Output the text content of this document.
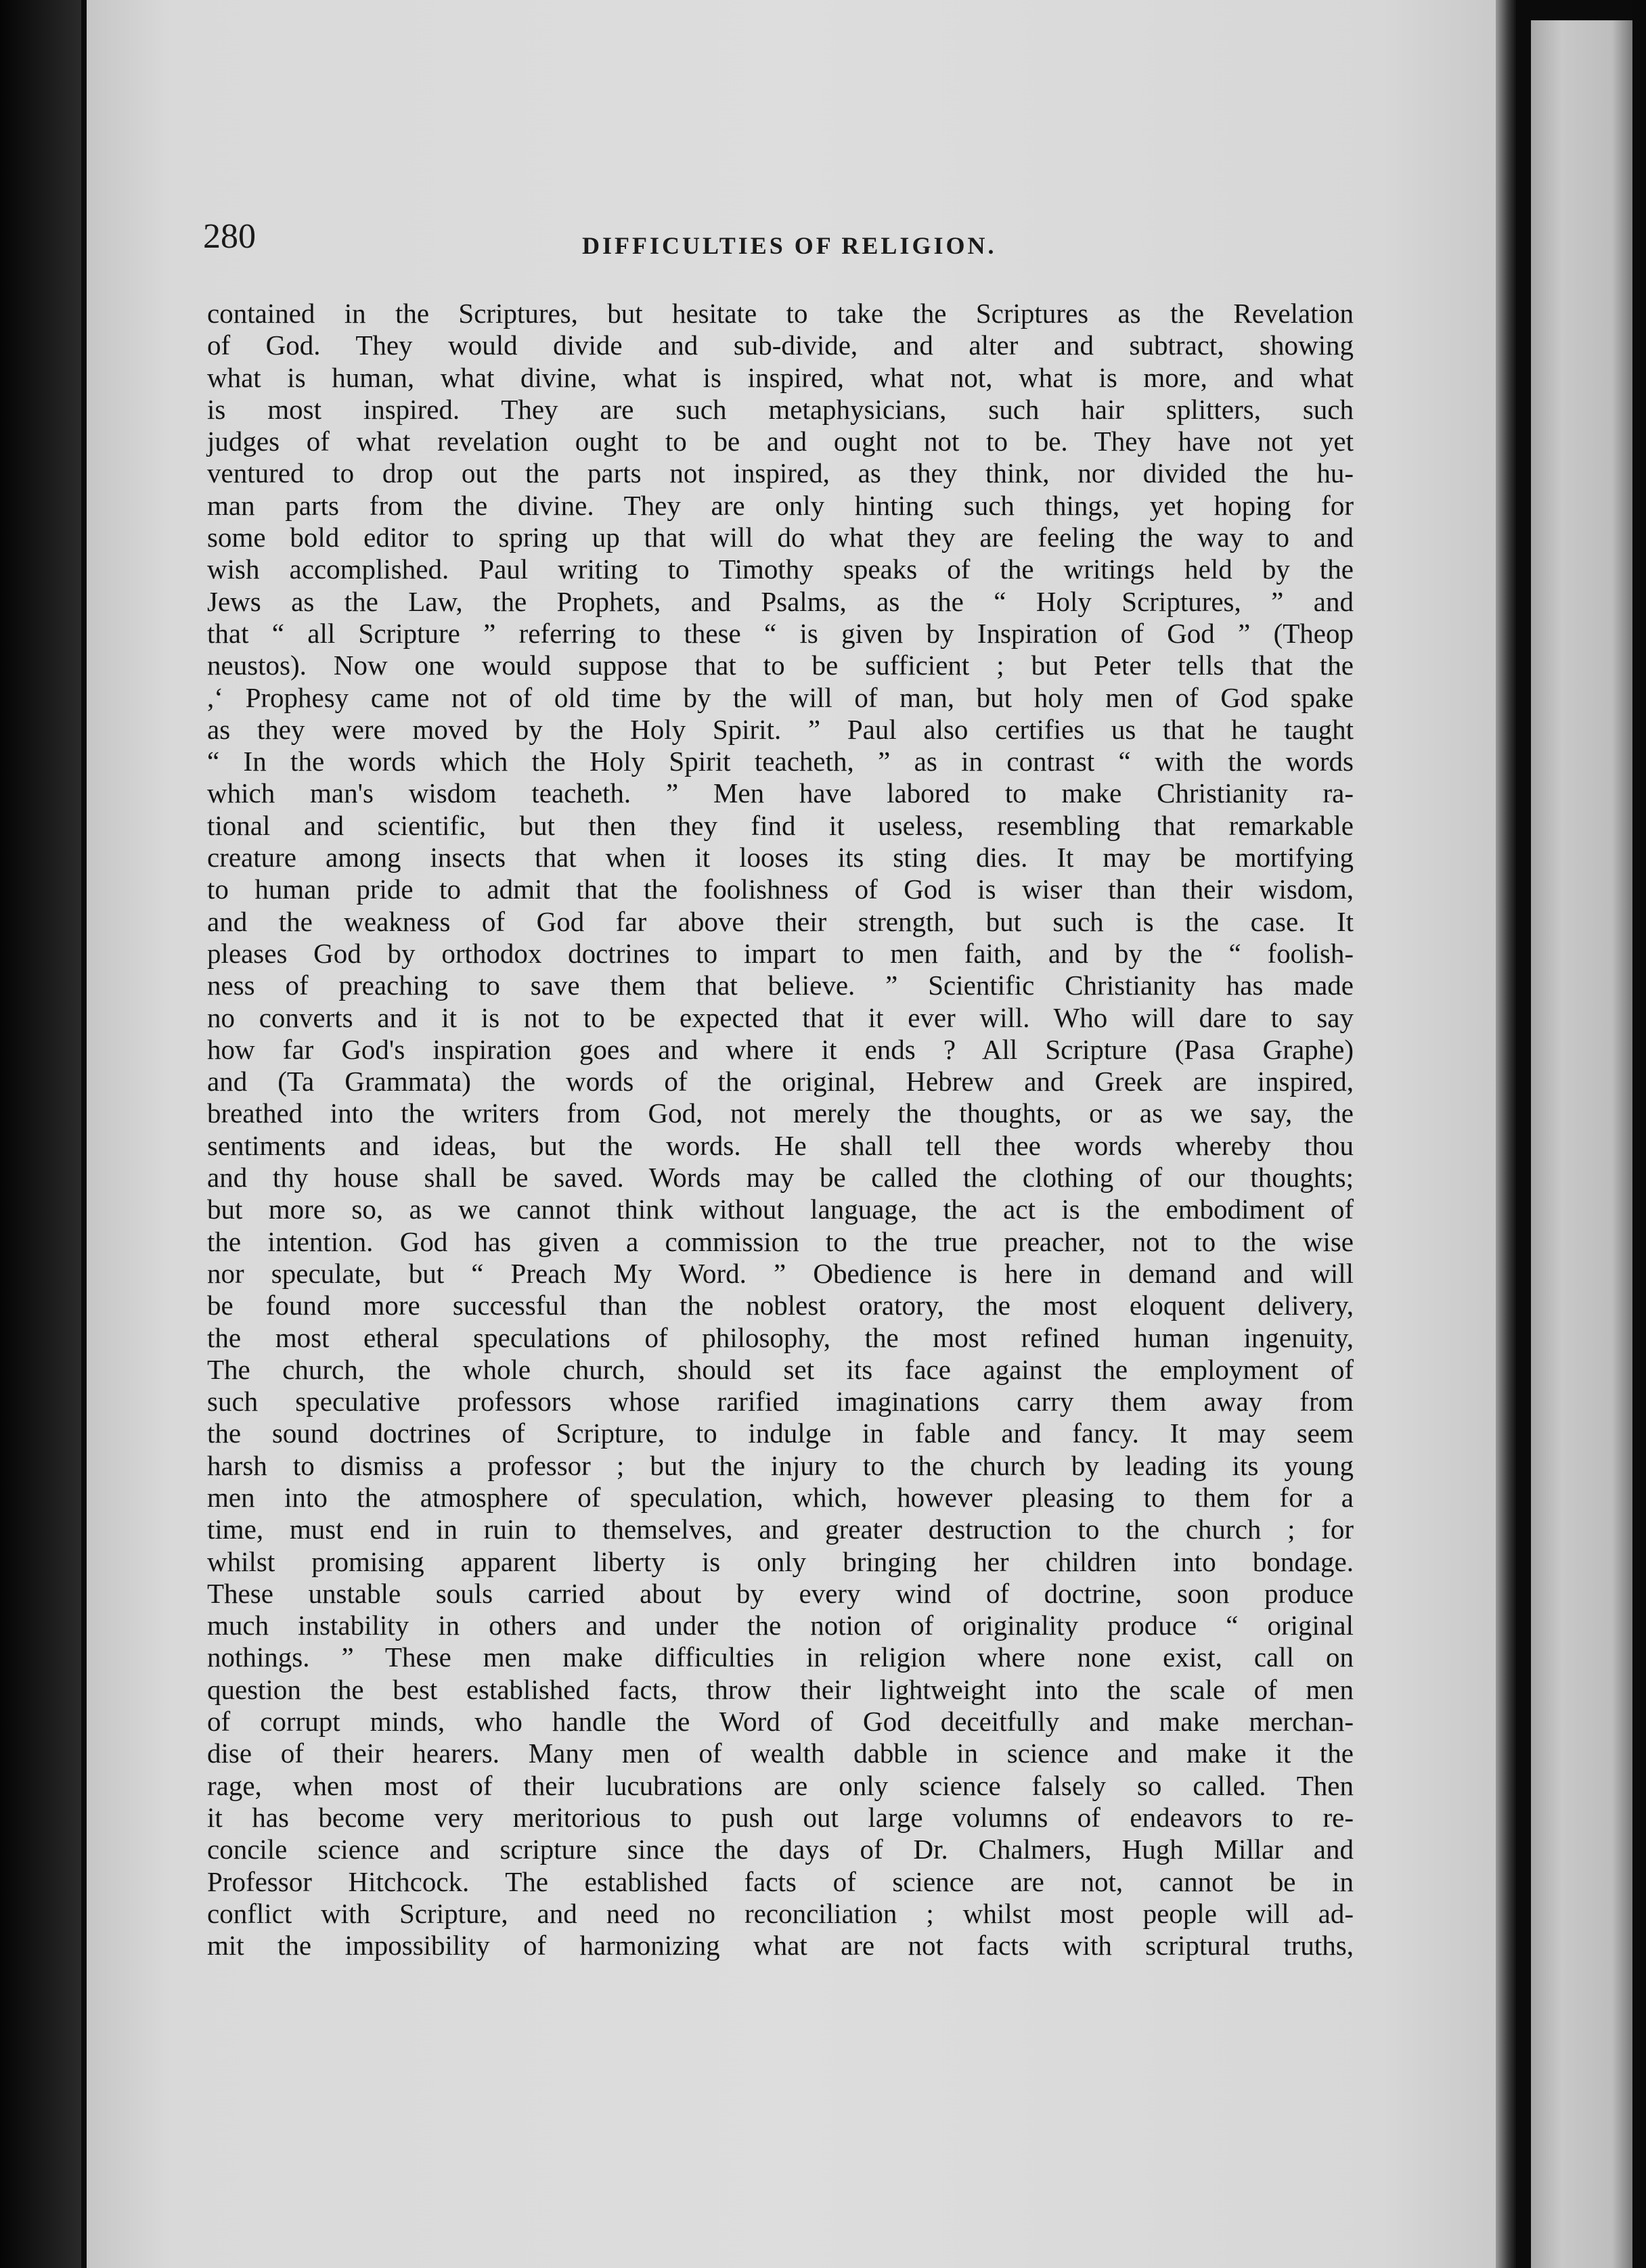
280	DIFFICULTIES OF RELIGION.
contained in the Scriptures, but hesitate to take the Scriptures as the Revelation
of God. They would divide and sub-divide, and alter and subtract, showing
what is human, what divine, what is inspired, what not, what is more, and what
is most inspired. They are such metaphysicians, such hair splitters, such
judges of what revelation ought to be and ought not to be. They have not yet
ventured to drop out the parts not inspired, as they think, nor divided the hu-
man parts from the divine. They are only hinting such things, yet hoping for
some bold editor to spring up that will do what they are feeling the way to and
wish accomplished. Paul writing to Timothy speaks of the writings held by the
Jews as the Law, the Prophets, and Psalms, as the “ Holy Scriptures, ” and
that “ all Scripture ” referring to these “ is given by Inspiration of God ” (Theop
neustos). Now one would suppose that to be sufficient ; but Peter tells that the
,‘ Prophesy came not of old time by the will of man, but holy men of God spake
as they were moved by the Holy Spirit. ” Paul also certifies us that he taught
“ In the words which the Holy Spirit teacheth, ” as in contrast “ with the words
which man's wisdom teacheth. ” Men have labored to make Christianity ra-
tional and scientific, but then they find it useless, resembling that remarkable
creature among insects that when it looses its sting dies. It may be mortifying
to human pride to admit that the foolishness of God is wiser than their wisdom,
and the weakness of God far above their strength, but such is the case. It
pleases God by orthodox doctrines to impart to men faith, and by the “ foolish-
ness of preaching to save them that believe. ” Scientific Christianity has made
no converts and it is not to be expected that it ever will. Who will dare to say
how far God's inspiration goes and where it ends ? All Scripture (Pasa Graphe)
and (Ta Grammata) the words of the original, Hebrew and Greek are inspired,
breathed into the writers from God, not merely the thoughts, or as we say, the
sentiments and ideas, but the words. He shall tell thee words whereby thou
and thy house shall be saved. Words may be called the clothing of our thoughts;
but more so, as we cannot think without language, the act is the embodiment of
the intention. God has given a commission to the true preacher, not to the wise
nor speculate, but “ Preach My Word. ” Obedience is here in demand and will
be found more successful than the noblest oratory, the most eloquent delivery,
the most etheral speculations of philosophy, the most refined human ingenuity,
The church, the whole church, should set its face against the employment of
such speculative professors whose rarified imaginations carry them away from
the sound doctrines of Scripture, to indulge in fable and fancy. It may seem
harsh to dismiss a professor ; but the injury to the church by leading its young
men into the atmosphere of speculation, which, however pleasing to them for a
time, must end in ruin to themselves, and greater destruction to the church ; for
whilst promising apparent liberty is only bringing her children into bondage.
These unstable souls carried about by every wind of doctrine, soon produce
much instability in others and under the notion of originality produce “ original
nothings. ” These men make difficulties in religion where none exist, call on
question the best established facts, throw their lightweight into the scale of men
of corrupt minds, who handle the Word of God deceitfully and make merchan-
dise of their hearers. Many men of wealth dabble in science and make it the
rage, when most of their lucubrations are only science falsely so called. Then
it has become very meritorious to push out large volumns of endeavors to re-
concile science and scripture since the days of Dr. Chalmers, Hugh Millar and
Professor Hitchcock. The established facts of science are not, cannot be in
conflict with Scripture, and need no reconciliation ; whilst most people will ad-
mit the impossibility of harmonizing what are not facts with scriptural truths,
